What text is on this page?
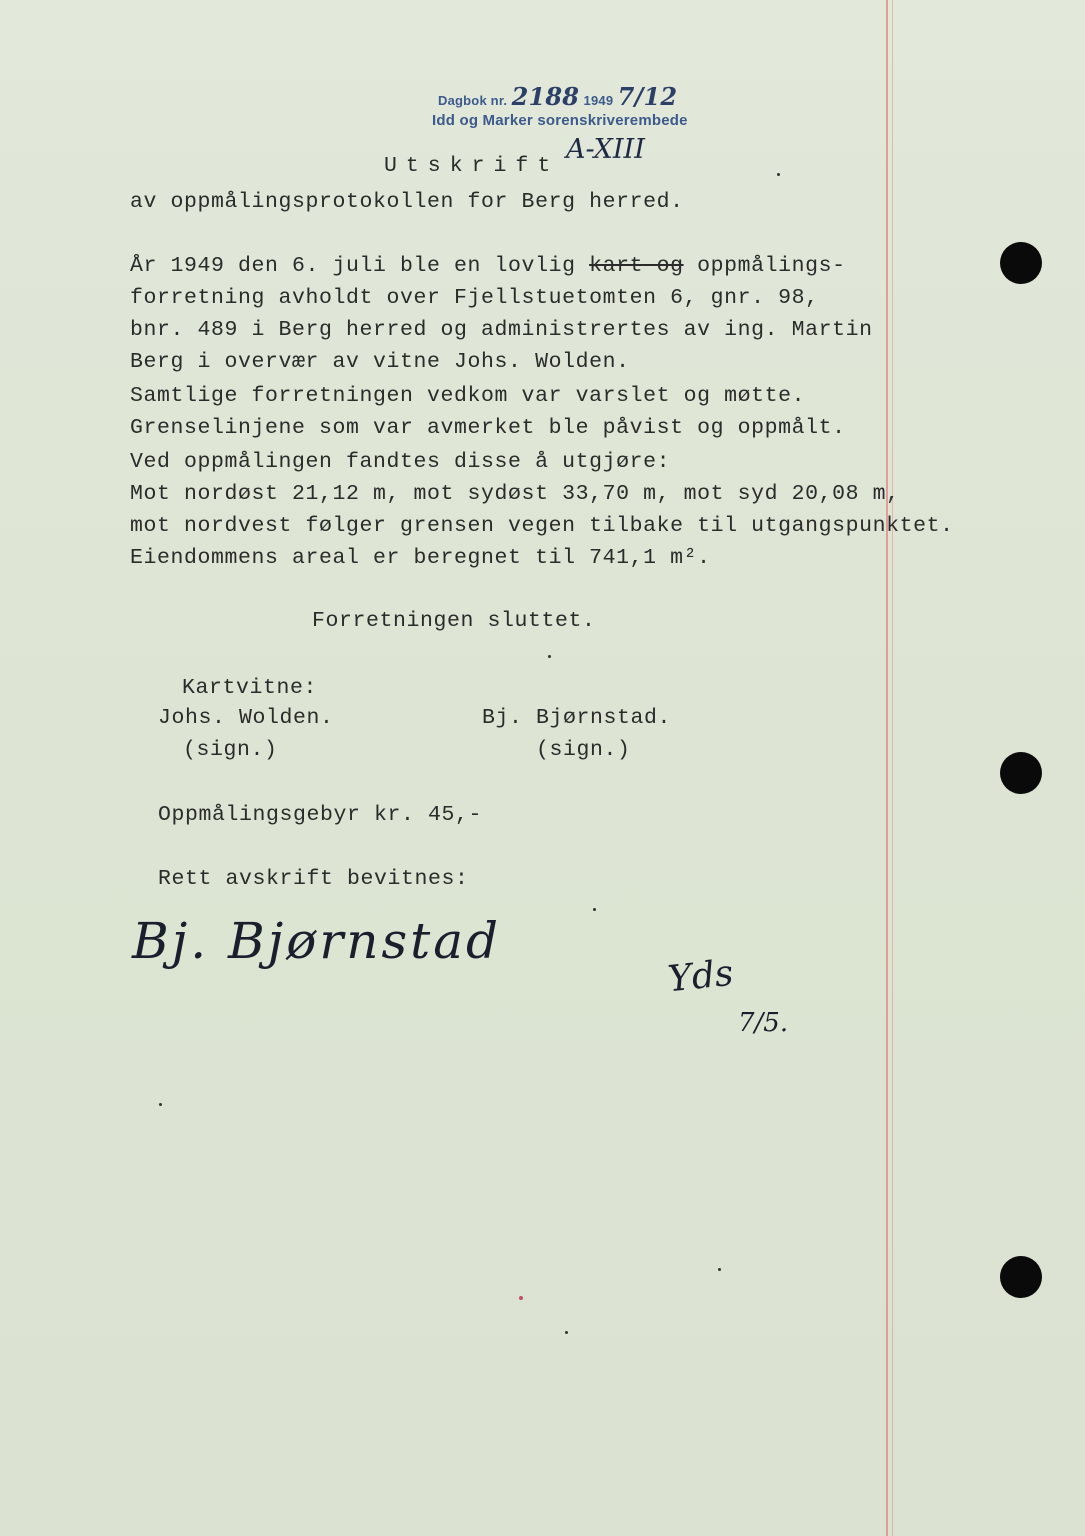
Dagbok nr. 2188 1949 7/12
Idd og Marker sorenskriverembede
A-XIII
Utskrift
av oppmålingsprotokollen for Berg herred.
År 1949 den 6. juli ble en lovlig kart og oppmålings-
forretning avholdt over Fjellstuetomten 6, gnr. 98,
bnr. 489 i Berg herred og administrertes av ing. Martin
Berg i overvær av vitne Johs. Wolden.
Samtlige forretningen vedkom var varslet og møtte.
Grenselinjene som var avmerket ble påvist og oppmålt.
Ved oppmålingen fandtes disse å utgjøre:
Mot nordøst 21,12 m, mot sydøst 33,70 m, mot syd 20,08 m,
mot nordvest følger grensen vegen tilbake til utgangspunktet.
Eiendommens areal er beregnet til 741,1 m².
Forretningen sluttet.
Kartvitne:
Johs. Wolden.
(sign.)
Bj. Bjørnstad.
(sign.)
Oppmålingsgebyr kr. 45,-
Rett avskrift bevitnes:
Bj. Bjørnstad
Yds
7/5.
